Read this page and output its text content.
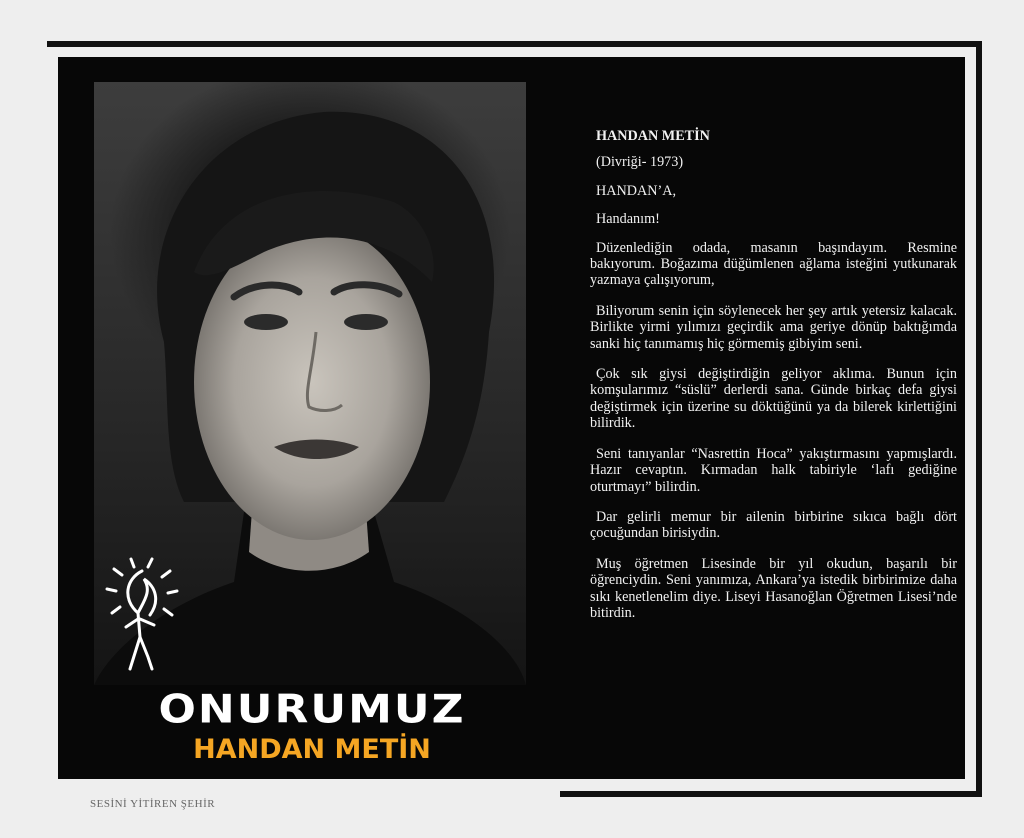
ONURUMUZ
HANDAN METİN

HANDAN METİN

(Divriği- 1973)

HANDAN’A,

Handanım!

Düzenlediğin odada, masanın başındayım. Resmine bakıyorum. Boğazıma düğümlenen ağlama isteğini yutkunarak yazmaya çalışıyorum,

Biliyorum senin için söylenecek her şey artık yetersiz kalacak. Birlikte yirmi yılımızı geçirdik ama geriye dönüp baktığımda sanki hiç tanımamış hiç görmemiş gibiyim seni.

Çok sık giysi değiştirdiğin geliyor aklıma. Bunun için komşularımız “süslü” derlerdi sana. Günde birkaç defa giysi değiştirmek için üzerine su döktüğünü ya da bilerek kirlettiğini bilirdik.

Seni tanıyanlar “Nasrettin Hoca” yakıştırmasını yapmışlardı. Hazır cevaptın. Kırmadan halk tabiriyle ‘lafı gediğine oturtmayı” bilirdin.

Dar gelirli memur bir ailenin birbirine sıkıca bağlı dört çocuğundan birisiydin.

Muş öğretmen Lisesinde bir yıl okudun, başarılı bir öğrenciydin. Seni yanımıza, Ankara’ya istedik birbirimize daha sıkı kenetlenelim diye. Liseyi Hasanoğlan Öğretmen Lisesi’nde bitirdin.

SESİNİ YİTİREN ŞEHİR
